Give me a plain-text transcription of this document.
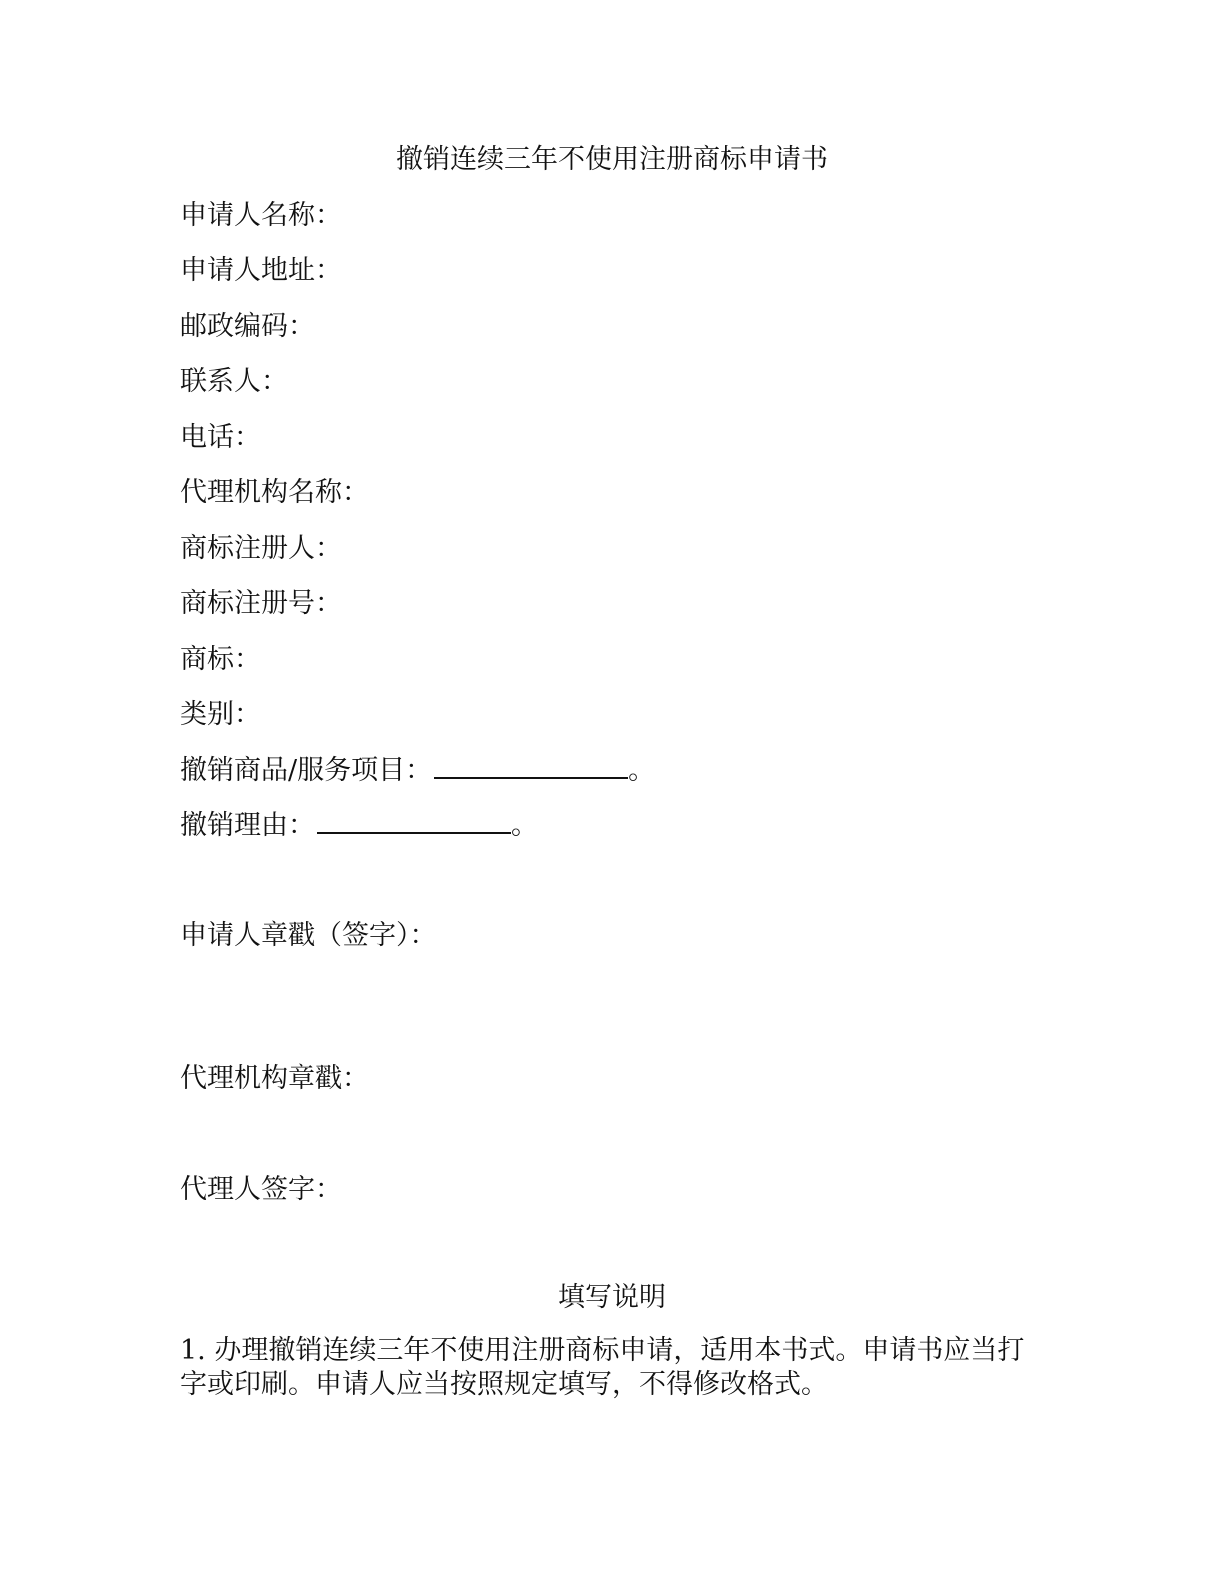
撤销连续三年不使用注册商标申请书
申请人名称：
申请人地址：
邮政编码：
联系人：
电话：
代理机构名称：
商标注册人：
商标注册号：
商标：
类别：
撤销商品/服务项目：	。
撤销理由：	。
申请人章戳（签字）：
代理机构章戳：
代理人签字：
填写说明
1. 办理撤销连续三年不使用注册商标申请，适用本书式。申请书应当打字或印刷。申请人应当按照规定填写，不得修改格式。
